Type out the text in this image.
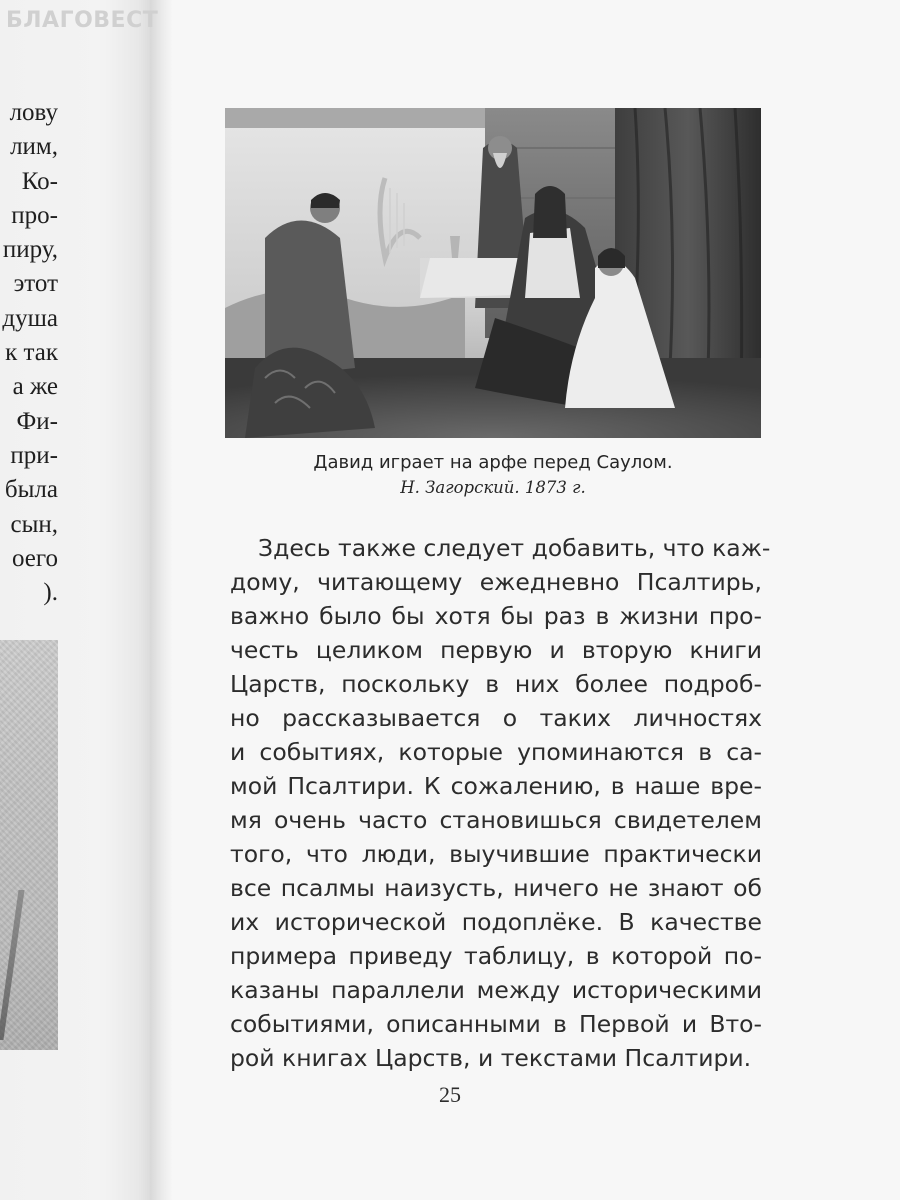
лову
лим,
Ко-
про-
пиру,
этот
душа
к так
а же
Фи-
при-
была
сын,
оего
).
БЛАГОВЕСТ
Давид играет на арфе перед Саулом.
Н. Загорский. 1873 г.
Здесь также следует добавить, что каж-
дому, читающему ежедневно Псалтирь,
важно было бы хотя бы раз в жизни про-
честь целиком первую и вторую книги
Царств, поскольку в них более подроб-
но рассказывается о таких личностях
и событиях, которые упоминаются в са-
мой Псалтири. К сожалению, в наше вре-
мя очень часто становишься свидетелем
того, что люди, выучившие практически
все псалмы наизусть, ничего не знают об
их исторической подоплёке. В качестве
примера приведу таблицу, в которой по-
казаны параллели между историческими
событиями, описанными в Первой и Вто-
рой книгах Царств, и текстами Псалтири.
25
